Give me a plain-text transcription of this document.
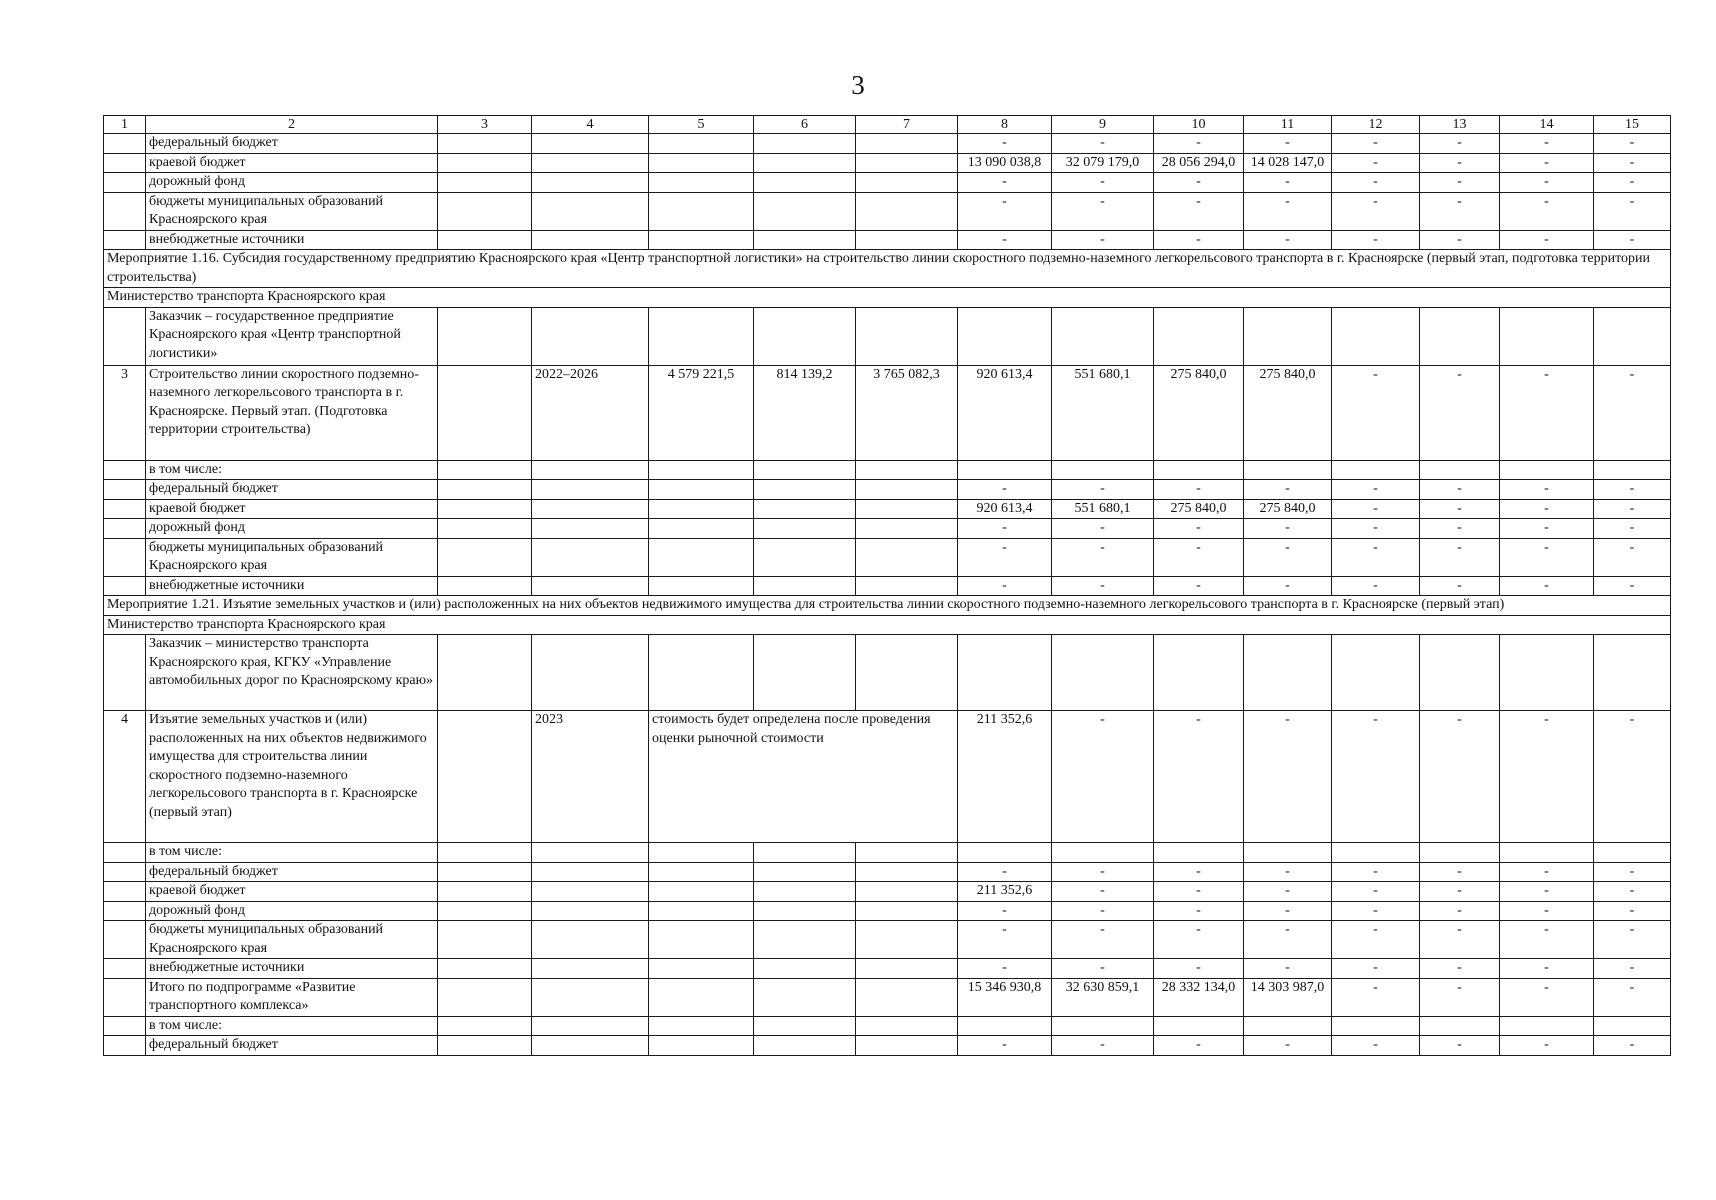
3
1	2	3	4	5	6	7	8	9	10	11	12	13	14	15	
	федеральный бюджет						-	-	-	-	-	-	-	-	
	краевой бюджет						13 090 038,8	32 079 179,0	28 056 294,0	14 028 147,0	-	-	-	-	
	дорожный фонд						-	-	-	-	-	-	-	-	
	бюджеты муниципальных образований Красноярского края						-	-	-	-	-	-	-	-	
	внебюджетные источники						-	-	-	-	-	-	-	-	
Мероприятие 1.16. Субсидия государственному предприятию Красноярского края «Центр транспортной логистики» на строительство линии скоростного подземно-наземного легкорельсового транспорта в г. Красноярске (первый этап, подготовка территории строительства)															
Министерство транспорта Красноярского края															
	Заказчик – государственное предприятие Красноярского края «Центр транспортной логистики»														
3	Строительство линии скоростного подземно-наземного легкорельсового транспорта в г. Красноярске. Первый этап. (Подготовка территории строительства)		2022–2026	4 579 221,5	814 139,2	3 765 082,3	920 613,4	551 680,1	275 840,0	275 840,0	-	-	-	-	
	в том числе:														
	федеральный бюджет						-	-	-	-	-	-	-	-	
	краевой бюджет						920 613,4	551 680,1	275 840,0	275 840,0	-	-	-	-	
	дорожный фонд						-	-	-	-	-	-	-	-	
	бюджеты муниципальных образований Красноярского края						-	-	-	-	-	-	-	-	
	внебюджетные источники						-	-	-	-	-	-	-	-	
Мероприятие 1.21. Изъятие земельных участков и (или) расположенных на них объектов недвижимого имущества для строительства линии скоростного подземно-наземного легкорельсового транспорта в г. Красноярске (первый этап)															
Министерство транспорта Красноярского края															
	Заказчик – министерство транспорта Красноярского края, КГКУ «Управление автомобильных дорог по Красноярскому краю»														
4	Изъятие земельных участков и (или) расположенных на них объектов недвижимого имущества для строительства линии скоростного подземно-наземного легкорельсового транспорта в г. Красноярске (первый этап)		2023	стоимость будет определена после проведения оценки рыночной стоимости			211 352,6	-	-	-	-	-	-	-	
	в том числе:														
	федеральный бюджет						-	-	-	-	-	-	-	-	
	краевой бюджет						211 352,6	-	-	-	-	-	-	-	
	дорожный фонд						-	-	-	-	-	-	-	-	
	бюджеты муниципальных образований Красноярского края						-	-	-	-	-	-	-	-	
	внебюджетные источники						-	-	-	-	-	-	-	-	
	Итого по подпрограмме «Развитие транспортного комплекса»						15 346 930,8	32 630 859,1	28 332 134,0	14 303 987,0	-	-	-	-	
	в том числе:														
	федеральный бюджет						-	-	-	-	-	-	-	-	
